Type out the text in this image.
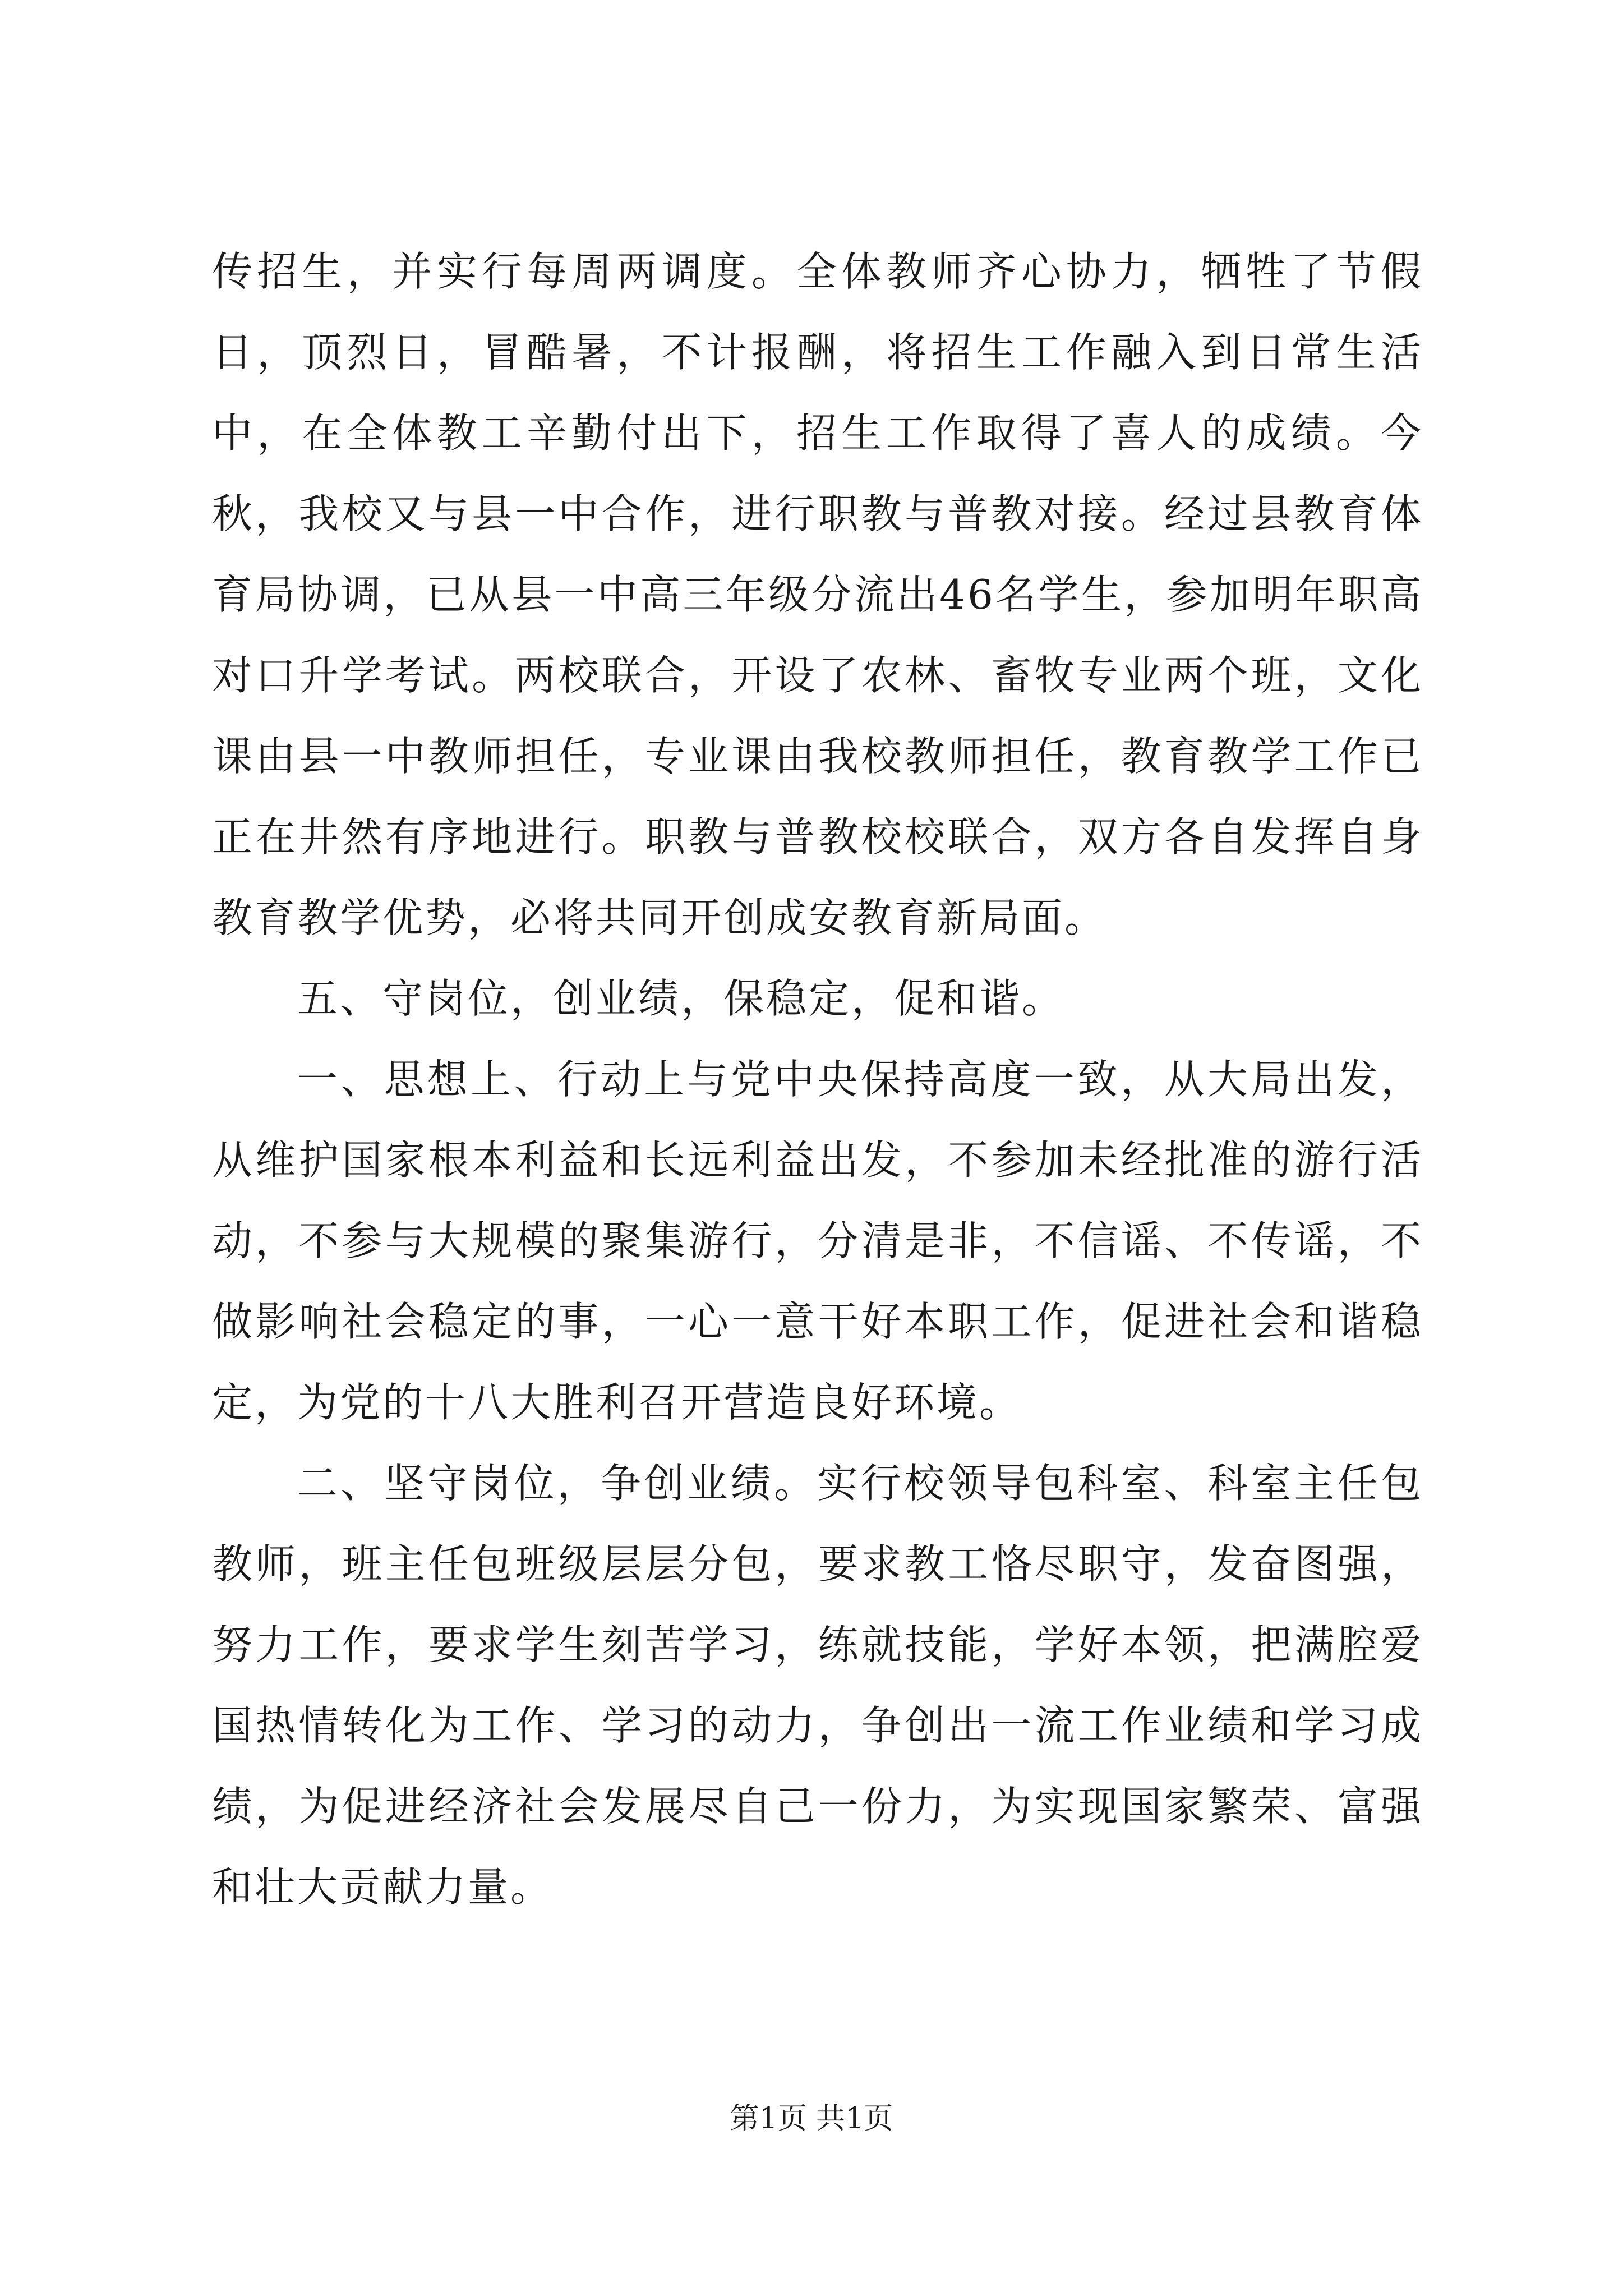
传招生，并实行每周两调度。全体教师齐心协力，牺牲了节假日，顶烈日，冒酷暑，不计报酬，将招生工作融入到日常生活中，在全体教工辛勤付出下，招生工作取得了喜人的成绩。今秋，我校又与县一中合作，进行职教与普教对接。经过县教育体育局协调，已从县一中高三年级分流出46名学生，参加明年职高对口升学考试。两校联合，开设了农林、畜牧专业两个班，文化课由县一中教师担任，专业课由我校教师担任，教育教学工作已正在井然有序地进行。职教与普教校校联合，双方各自发挥自身教育教学优势，必将共同开创成安教育新局面。

五、守岗位，创业绩，保稳定，促和谐。

一、思想上、行动上与党中央保持高度一致，从大局出发，从维护国家根本利益和长远利益出发，不参加未经批准的游行活动，不参与大规模的聚集游行，分清是非，不信谣、不传谣，不做影响社会稳定的事，一心一意干好本职工作，促进社会和谐稳定，为党的十八大胜利召开营造良好环境。

二、坚守岗位，争创业绩。实行校领导包科室、科室主任包教师，班主任包班级层层分包，要求教工恪尽职守，发奋图强，努力工作，要求学生刻苦学习，练就技能，学好本领，把满腔爱国热情转化为工作、学习的动力，争创出一流工作业绩和学习成绩，为促进经济社会发展尽自己一份力，为实现国家繁荣、富强和壮大贡献力量。

第1页 共1页
